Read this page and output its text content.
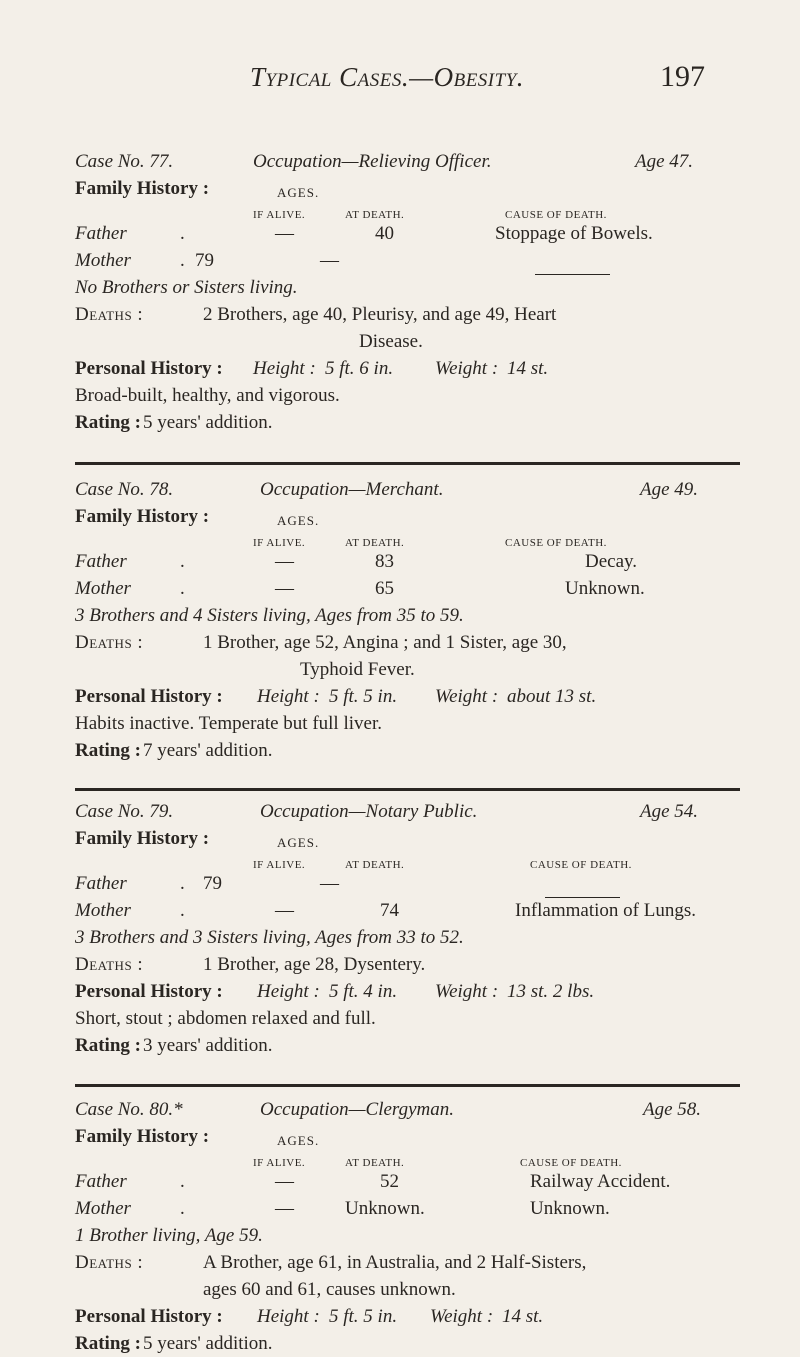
Typical Cases.—Obesity.	197
Case No. 77.	Occupation—Relieving Officer.	Age 47.
Family History :	AGES.
IF ALIVE.	AT DEATH.	CAUSE OF DEATH.
Father	.	—	40	Stoppage of Bowels.
Mother	. 79	—
No Brothers or Sisters living.
Deaths :	2 Brothers, age 40, Pleurisy, and age 49, Heart
Disease.
Personal History : Height : 5 ft. 6 in. Weight : 14 st.
Broad-built, healthy, and vigorous.
Rating : 5 years' addition.
Case No. 78.	Occupation—Merchant.	Age 49.
Family History :	AGES.
IF ALIVE.	AT DEATH.	CAUSE OF DEATH.
Father	.	—	83	Decay.
Mother	.	—	65	Unknown.
3 Brothers and 4 Sisters living, Ages from 35 to 59.
Deaths :	1 Brother, age 52, Angina ; and 1 Sister, age 30,
Typhoid Fever.
Personal History : Height : 5 ft. 5 in. Weight : about 13 st.
Habits inactive. Temperate but full liver.
Rating : 7 years' addition.
Case No. 79.	Occupation—Notary Public.	Age 54.
Family History :	AGES.
IF ALIVE.	AT DEATH.	CAUSE OF DEATH.
Father	. 79	—
Mother	.	—	74	Inflammation of Lungs.
3 Brothers and 3 Sisters living, Ages from 33 to 52.
Deaths :	1 Brother, age 28, Dysentery.
Personal History : Height : 5 ft. 4 in. Weight : 13 st. 2 lbs.
Short, stout ; abdomen relaxed and full.
Rating : 3 years' addition.
Case No. 80.*	Occupation—Clergyman.	Age 58.
Family History :	AGES.
IF ALIVE.	AT DEATH.	CAUSE OF DEATH.
Father	.	—	52	Railway Accident.
Mother	.	—	Unknown.	Unknown.
1 Brother living, Age 59.
Deaths :	A Brother, age 61, in Australia, and 2 Half-Sisters,
ages 60 and 61, causes unknown.
Personal History : Height : 5 ft. 5 in. Weight : 14 st.
Rating : 5 years' addition.
